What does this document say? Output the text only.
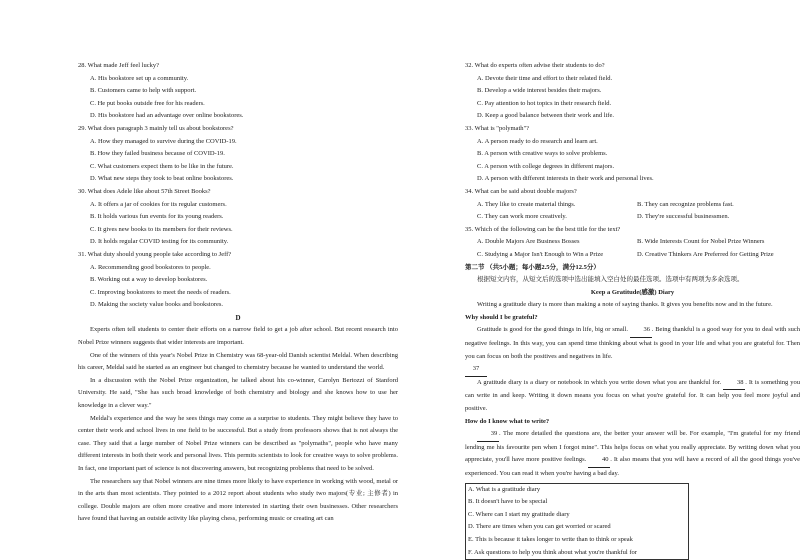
28. What made Jeff feel lucky?
A. His bookstore set up a community.
B. Customers came to help with support.
C. He put books outside free for his readers.
D. His bookstore had an advantage over online bookstores.
29. What does paragraph 3 mainly tell us about bookstores?
A. How they managed to survive during the COVID-19.
B. How they failed business because of COVID-19.
C. What customers expect them to be like in the future.
D. What new steps they took to beat online bookstores.
30. What does Adele like about 57th Street Books?
A. It offers a jar of cookies for its regular customers.
B. It holds various fun events for its young readers.
C. It gives new books to its members for their reviews.
D. It holds regular COVID testing for its community.
31. What duty should young people take according to Jeff?
A. Recommending good bookstores to people.
B. Working out a way to develop bookstores.
C. Improving bookstores to meet the needs of readers.
D. Making the society value books and bookstores.
D
Experts often tell students to center their efforts on a narrow field to get a job after school. But recent research into Nobel Prize winners suggests that wider interests are important.
One of the winners of this year's Nobel Prize in Chemistry was 68-year-old Danish scientist Meldal. When describing his career, Meldal said he started as an engineer but changed to chemistry because he wanted to understand the world.
In a discussion with the Nobel Prize organization, he talked about his co-winner, Carolyn Bertozzi of Stanford University. He said, "She has such broad knowledge of both chemistry and biology and she knows how to use her knowledge in a clever way."
Meldal's experience and the way he sees things may come as a surprise to students. They might believe they have to center their work and school lives in one field to be successful. But a study from professors shows that is not always the case. They said that a large number of Nobel Prize winners can be described as "polymaths", people who have many different interests in both their work and personal lives. This permits scientists to look for creative ways to solve problems. In fact, one important part of science is not discovering answers, but recognizing problems that need to be solved.
The researchers say that Nobel winners are nine times more likely to have experience in working with wood, metal or in the arts than most scientists. They pointed to a 2012 report about students who study two majors(专业; 主修者) in college. Double majors are often more creative and more interested in starting their own businesses. Other researchers have found that having an outside activity like playing chess, performing music or creating art can
32. What do experts often advise their students to do?
A. Devote their time and effort to their related field.
B. Develop a wide interest besides their majors.
C. Pay attention to hot topics in their research field.
D. Keep a good balance between their work and life.
33. What is "polymath"?
A. A person ready to do research and learn art.
B. A person with creative ways to solve problems.
C. A person with college degrees in different majors.
D. A person with different interests in their work and personal lives.
34. What can be said about double majors?
A. They like to create material things.	B. They can recognize problems fast.
C. They can work more creatively.	D. They're successful businessmen.
35. Which of the following can be the best title for the text?
A. Double Majors Are Business Bosses	B. Wide Interests Count for Nobel Prize Winners
C. Studying a Major Isn't Enough to Win a Prize	D. Creative Thinkers Are Preferred for Getting Prize
第二节 （共5小题；每小题2.5分，满分12.5分）
根据短文内容，从短文后的选项中选出能填入空白处的最佳选项。选项中有两项为多余选项。
Keep a Gratitude(感激) Diary
Writing a gratitude diary is more than making a note of saying thanks. It gives you benefits now and in the future.
Why should I be grateful?
Gratitude is good for the good things in life, big or small. 36 . Being thankful is a good way for you to deal with such negative feelings. In this way, you can spend time thinking about what is good in your life and what you are grateful for. Then you can focus on both the positives and negatives in life.
37
A gratitude diary is a diary or notebook in which you write down what you are thankful for. 38 . It is something you can write in and keep. Writing it down means you focus on what you're grateful for. It can help you feel more joyful and positive.
How do I know what to write?
39 . The more detailed the questions are, the better your answer will be. For example, "I'm grateful for my friend lending me his favourite pen when I forgot mine". This helps focus on what you really appreciate. By writing down what you appreciate, you'll have more positive feelings. 40 . It also means that you will have a record of all the good things you've experienced. You can read it when you're having a bad day.
A. What is a gratitude diary
B. It doesn't have to be special
C. Where can I start my gratitude diary
D. There are times when you can get worried or scared
E. This is because it takes longer to write than to think or speak
F. Ask questions to help you think about what you're thankful for
